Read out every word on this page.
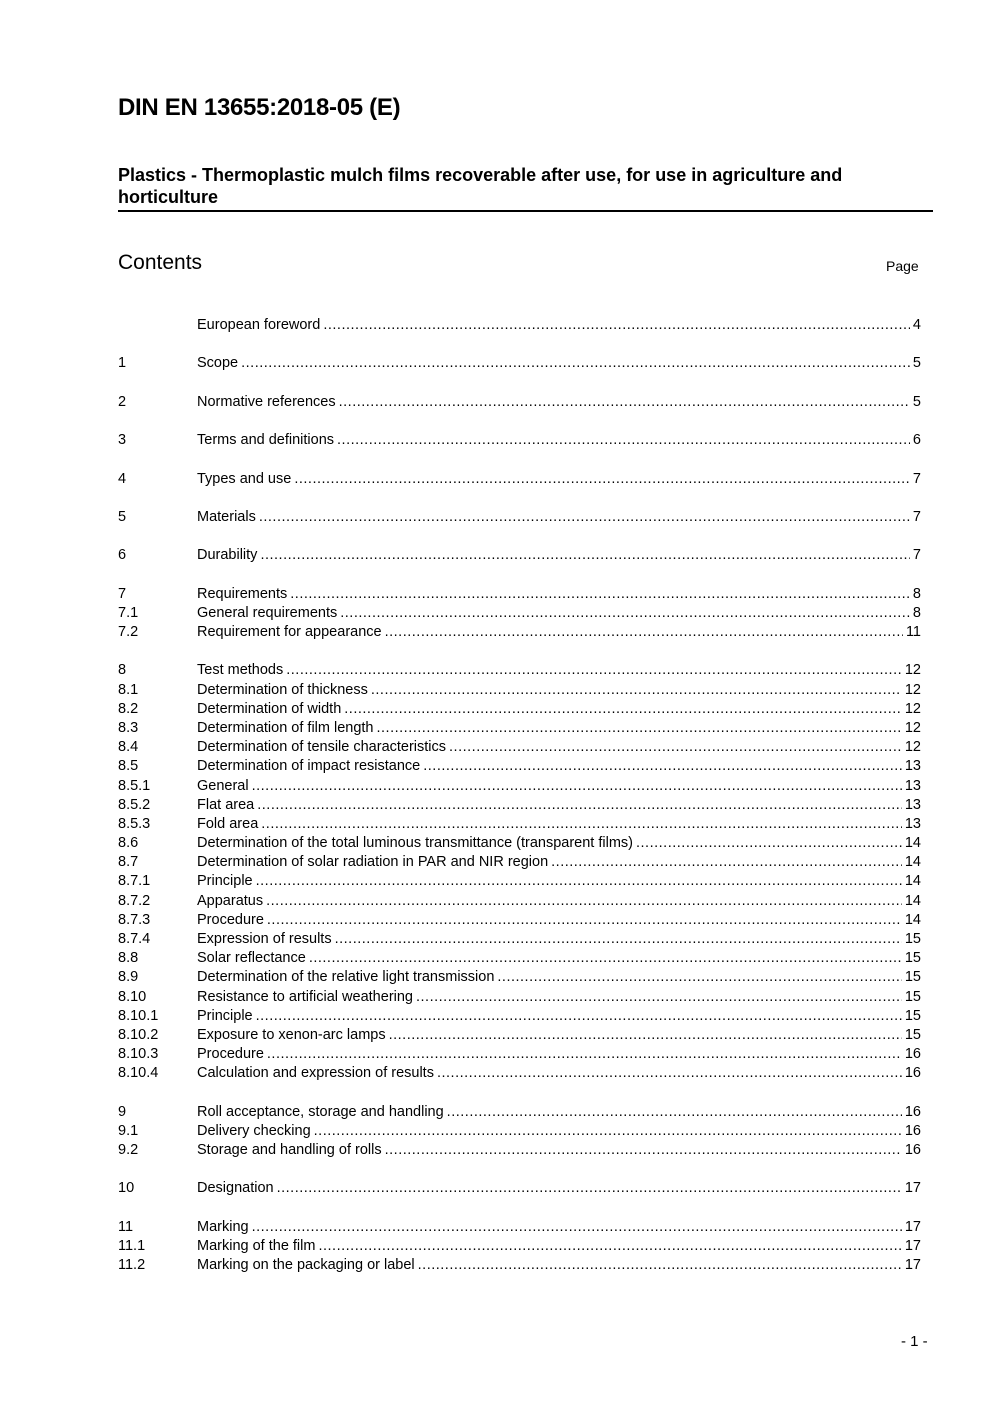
DIN EN 13655:2018-05 (E)
Plastics - Thermoplastic mulch films recoverable after use, for use in agriculture and horticulture
Contents	Page
European foreword .....	4
1	Scope .....	5
2	Normative references .....	5
3	Terms and definitions .....	6
4	Types and use .....	7
5	Materials .....	7
6	Durability .....	7
7	Requirements .....	8
7.1	General requirements .....	8
7.2	Requirement for appearance .....	11
8	Test methods .....	12
8.1	Determination of thickness .....	12
8.2	Determination of width .....	12
8.3	Determination of film length .....	12
8.4	Determination of tensile characteristics .....	12
8.5	Determination of impact resistance .....	13
8.5.1	General .....	13
8.5.2	Flat area .....	13
8.5.3	Fold area .....	13
8.6	Determination of the total luminous transmittance (transparent films) .....	14
8.7	Determination of solar radiation in PAR and NIR region .....	14
8.7.1	Principle .....	14
8.7.2	Apparatus .....	14
8.7.3	Procedure .....	14
8.7.4	Expression of results .....	15
8.8	Solar reflectance .....	15
8.9	Determination of the relative light transmission .....	15
8.10	Resistance to artificial weathering .....	15
8.10.1	Principle .....	15
8.10.2	Exposure to xenon-arc lamps .....	15
8.10.3	Procedure .....	16
8.10.4	Calculation and expression of results .....	16
9	Roll acceptance, storage and handling .....	16
9.1	Delivery checking .....	16
9.2	Storage and handling of rolls .....	16
10	Designation .....	17
11	Marking .....	17
11.1	Marking of the film .....	17
11.2	Marking on the packaging or label .....	17
- 1 -
